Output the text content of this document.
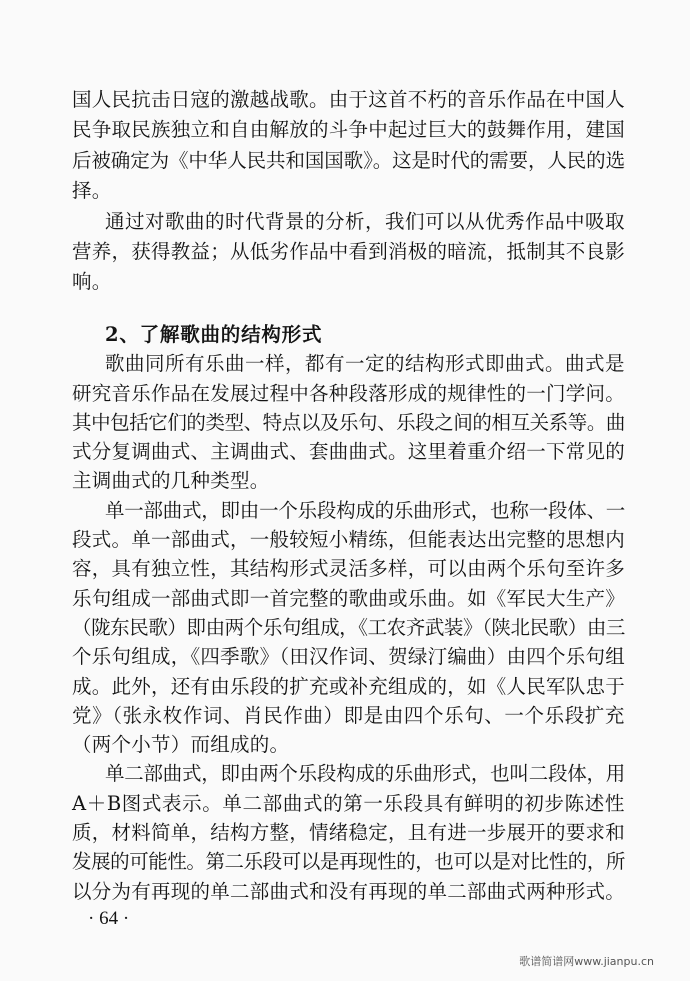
国人民抗击日寇的激越战歌。由于这首不朽的音乐作品在中国人
民争取民族独立和自由解放的斗争中起过巨大的鼓舞作用，建国
后被确定为《中华人民共和国国歌》。这是时代的需要，人民的选
择。
通过对歌曲的时代背景的分析，我们可以从优秀作品中吸取
营养，获得教益；从低劣作品中看到消极的暗流，抵制其不良影
响。
2、了解歌曲的结构形式
歌曲同所有乐曲一样，都有一定的结构形式即曲式。曲式是
研究音乐作品在发展过程中各种段落形成的规律性的一门学问。
其中包括它们的类型、特点以及乐句、乐段之间的相互关系等。曲
式分复调曲式、主调曲式、套曲曲式。这里着重介绍一下常见的
主调曲式的几种类型。
单一部曲式，即由一个乐段构成的乐曲形式，也称一段体、一
段式。单一部曲式，一般较短小精练，但能表达出完整的思想内
容，具有独立性，其结构形式灵活多样，可以由两个乐句至许多
乐句组成一部曲式即一首完整的歌曲或乐曲。如《军民大生产》
（陇东民歌）即由两个乐句组成，《工农齐武装》（陕北民歌）由三
个乐句组成，《四季歌》（田汉作词、贺绿汀编曲）由四个乐句组
成。此外，还有由乐段的扩充或补充组成的，如《人民军队忠于
党》（张永枚作词、肖民作曲）即是由四个乐句、一个乐段扩充
（两个小节）而组成的。
单二部曲式，即由两个乐段构成的乐曲形式，也叫二段体，用
A＋B图式表示。单二部曲式的第一乐段具有鲜明的初步陈述性
质，材料简单，结构方整，情绪稳定，且有进一步展开的要求和
发展的可能性。第二乐段可以是再现性的，也可以是对比性的，所
以分为有再现的单二部曲式和没有再现的单二部曲式两种形式。
· 64 ·
歌谱简谱网www.jianpu.cn
